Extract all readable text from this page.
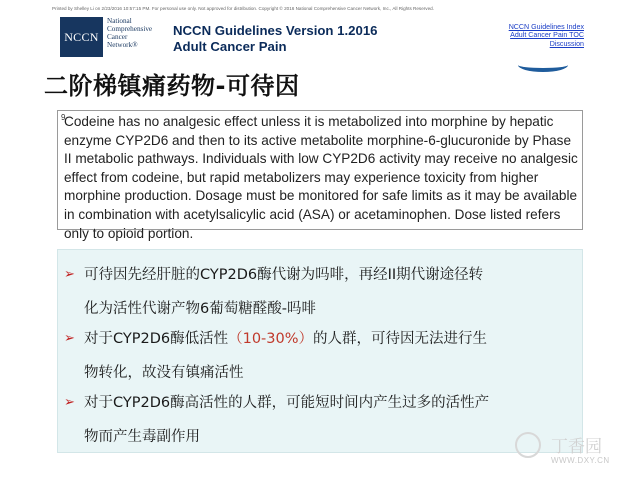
Printed by Shelley Li on 2/23/2016 10:57:15 PM. For personal use only. Not approved for distribution. Copyright © 2016 National Comprehensive Cancer Network, Inc., All Rights Reserved.
NCCN
National
Comprehensive
Cancer
Network®
NCCN Guidelines Version 1.2016
Adult Cancer Pain
NCCN Guidelines Index
Adult Cancer Pain TOC
Discussion
二阶梯镇痛药物-可待因
9
Codeine has no analgesic effect unless it is metabolized into morphine by hepatic enzyme CYP2D6 and then to its active metabolite morphine-6-glucuronide by Phase II metabolic pathways. Individuals with low CYP2D6 activity may receive no analgesic effect from codeine, but rapid metabolizers may experience toxicity from higher morphine production. Dosage must be monitored for safe limits as it may be available in combination with acetylsalicylic acid (ASA) or acetaminophen. Dose listed refers only to opioid portion.
➢ 可待因先经肝脏的CYP2D6酶代谢为吗啡，再经II期代谢途径转
化为活性代谢产物6葡萄糖醛酸-吗啡
➢ 对于CYP2D6酶低活性（10-30%）的人群，可待因无法进行生
物转化，故没有镇痛活性
➢ 对于CYP2D6酶高活性的人群，可能短时间内产生过多的活性产
物而产生毒副作用	丁香园
WWW.DXY.CN
